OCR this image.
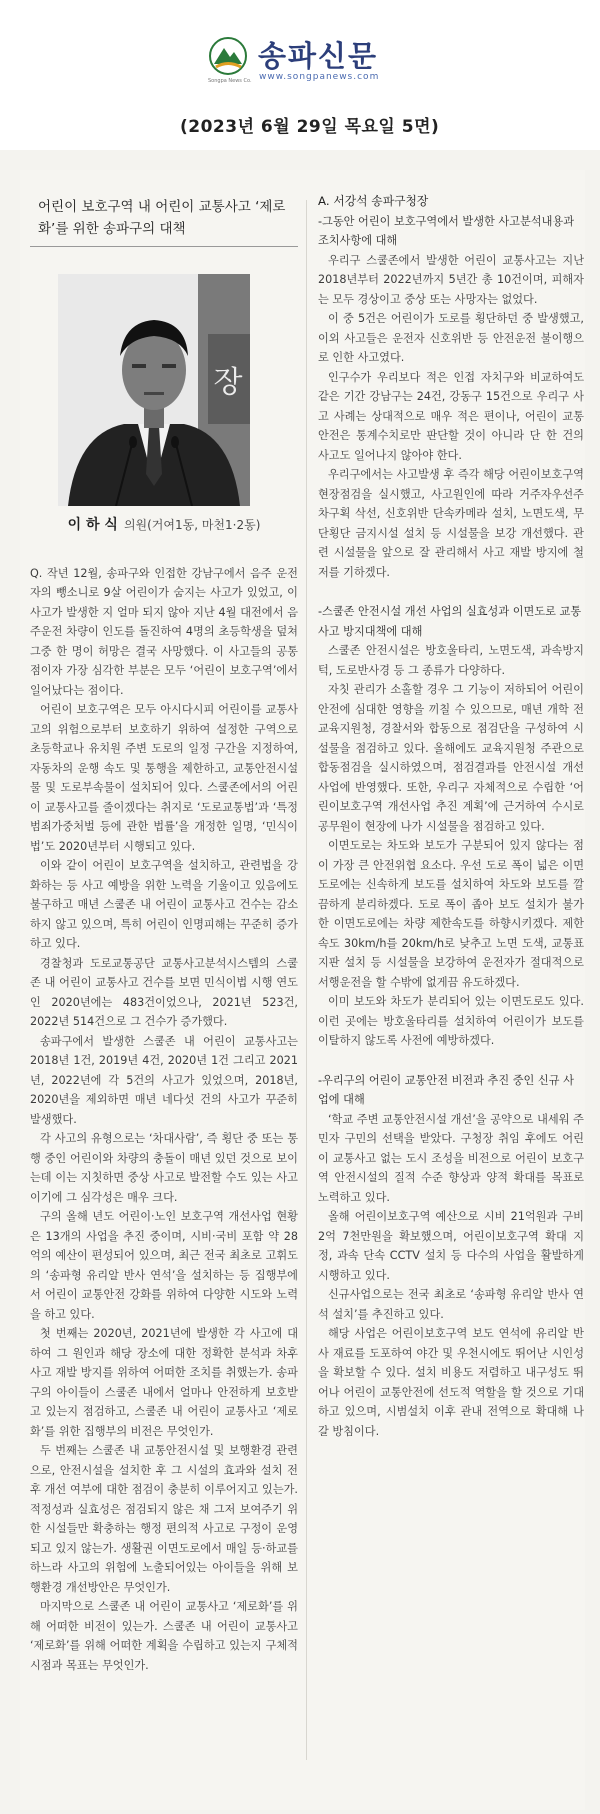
송파신문
www.songpanews.com
Songpa News Co.
(2023년 6월 29일 목요일 5면)
어린이 보호구역 내 어린이 교통사고 ‘제로화’를 위한 송파구의 대책
장
이 하 식 의원(거여1동, 마천1·2동)

Q. 작년 12월, 송파구와 인접한 강남구에서 음주 운전자의 뺑소니로 9살 어린이가 숨지는 사고가 있었고, 이 사고가 발생한 지 얼마 되지 않아 지난 4월 대전에서 음주운전 차량이 인도를 돌진하여 4명의 초등학생을 덮쳐 그중 한 명이 허망은 결국 사망했다. 이 사고들의 공통점이자 가장 심각한 부분은 모두 ‘어린이 보호구역’에서 일어났다는 점이다.

어린이 보호구역은 모두 아시다시피 어린이를 교통사고의 위험으로부터 보호하기 위하여 설정한 구역으로 초등학교나 유치원 주변 도로의 일정 구간을 지정하여, 자동차의 운행 속도 및 통행을 제한하고, 교통안전시설물 및 도로부속물이 설치되어 있다. 스쿨존에서의 어린이 교통사고를 줄이겠다는 취지로 ‘도로교통법’과 ‘특정범죄가중처벌 등에 관한 법률’을 개정한 일명, ‘민식이 법’도 2020년부터 시행되고 있다.

이와 같이 어린이 보호구역을 설치하고, 관련법을 강화하는 등 사고 예방을 위한 노력을 기울이고 있음에도 불구하고 매년 스쿨존 내 어린이 교통사고 건수는 감소하지 않고 있으며, 특히 어린이 인명피해는 꾸준히 증가하고 있다.

경찰청과 도로교통공단 교통사고분석시스템의 스쿨존 내 어린이 교통사고 건수를 보면 민식이법 시행 연도인 2020년에는 483건이었으나, 2021년 523건, 2022년 514건으로 그 건수가 증가했다.

송파구에서 발생한 스쿨존 내 어린이 교통사고는 2018년 1건, 2019년 4건, 2020년 1건 그리고 2021년, 2022년에 각 5건의 사고가 있었으며, 2018년, 2020년을 제외하면 매년 네다섯 건의 사고가 꾸준히 발생했다.

각 사고의 유형으로는 ‘차대사람’, 즉 횡단 중 또는 통행 중인 어린이와 차량의 충돌이 매년 있던 것으로 보이는데 이는 지칫하면 중상 사고로 발전할 수도 있는 사고이기에 그 심각성은 매우 크다.

구의 올해 년도 어린이·노인 보호구역 개선사업 현황은 13개의 사업을 추진 중이며, 시비·국비 포함 약 28억의 예산이 편성되어 있으며, 최근 전국 최초로 고휘도의 ‘송파형 유리알 반사 연석’을 설치하는 등 집행부에서 어린이 교통안전 강화를 위하여 다양한 시도와 노력을 하고 있다.

첫 번째는 2020년, 2021년에 발생한 각 사고에 대하여 그 원인과 해당 장소에 대한 정확한 분석과 차후 사고 재발 방지를 위하여 어떠한 조치를 취했는가. 송파구의 아이들이 스쿨존 내에서 얼마나 안전하게 보호받고 있는지 점검하고, 스쿨존 내 어린이 교통사고 ‘제로화’를 위한 집행부의 비전은 무엇인가.

두 번째는 스쿨존 내 교통안전시설 및 보행환경 관련으로, 안전시설을 설치한 후 그 시설의 효과와 설치 전후 개선 여부에 대한 점검이 충분히 이루어지고 있는가. 적정성과 실효성은 점검되지 않은 채 그저 보여주기 위한 시설들만 확충하는 행정 편의적 사고로 구정이 운영되고 있지 않는가. 생활권 이면도로에서 매일 등·하교를 하느라 사고의 위험에 노출되어있는 아이들을 위해 보행환경 개선방안은 무엇인가.

마지막으로 스쿨존 내 어린이 교통사고 ‘제로화’를 위해 어떠한 비전이 있는가. 스쿨존 내 어린이 교통사고 ‘제로화’를 위해 어떠한 계획을 수립하고 있는지 구체적 시점과 목표는 무엇인가.

A. 서강석 송파구청장
-그동안 어린이 보호구역에서 발생한 사고분석내용과 조치사항에 대해

우리구 스쿨존에서 발생한 어린이 교통사고는 지난 2018년부터 2022년까지 5년간 총 10건이며, 피해자는 모두 경상이고 중상 또는 사망자는 없었다.

이 중 5건은 어린이가 도로를 횡단하던 중 발생했고, 이외 사고들은 운전자 신호위반 등 안전운전 불이행으로 인한 사고였다.

인구수가 우리보다 적은 인접 자치구와 비교하여도 같은 기간 강남구는 24건, 강동구 15건으로 우리구 사고 사례는 상대적으로 매우 적은 편이나, 어린이 교통안전은 통계수치로만 판단할 것이 아니라 단 한 건의 사고도 일어나지 않아야 한다.

우리구에서는 사고발생 후 즉각 해당 어린이보호구역 현장점검을 실시했고, 사고원인에 따라 거주자우선주차구획 삭선, 신호위반 단속카메라 설치, 노면도색, 무단횡단 금지시설 설치 등 시설물을 보강 개선했다. 관련 시설물을 앞으로 잘 관리해서 사고 재발 방지에 철저를 기하겠다.

-스쿨존 안전시설 개선 사업의 실효성과 이면도로 교통사고 방지대책에 대해

스쿨존 안전시설은 방호울타리, 노면도색, 과속방지턱, 도로반사경 등 그 종류가 다양하다.

자칫 관리가 소홀할 경우 그 기능이 저하되어 어린이 안전에 심대한 영향을 끼칠 수 있으므로, 매년 개학 전 교육지원청, 경찰서와 합동으로 점검단을 구성하여 시설물을 점검하고 있다. 올해에도 교육지원청 주관으로 합동점검을 실시하였으며, 점검결과를 안전시설 개선사업에 반영했다. 또한, 우리구 자체적으로 수립한 ‘어린이보호구역 개선사업 추진 계획’에 근거하여 수시로 공무원이 현장에 나가 시설물을 점검하고 있다.

이면도로는 차도와 보도가 구분되어 있지 않다는 점이 가장 큰 안전위협 요소다. 우선 도로 폭이 넓은 이면도로에는 신속하게 보도를 설치하여 차도와 보도를 깔끔하게 분리하겠다. 도로 폭이 좁아 보도 설치가 불가한 이면도로에는 차량 제한속도를 하향시키겠다. 제한속도 30km/h를 20km/h로 낮추고 노면 도색, 교통표지판 설치 등 시설물을 보강하여 운전자가 절대적으로 서행운전을 할 수밖에 없게끔 유도하겠다.

이미 보도와 차도가 분리되어 있는 이면도로도 있다. 이런 곳에는 방호울타리를 설치하여 어린이가 보도를 이탈하지 않도록 사전에 예방하겠다.

-우리구의 어린이 교통안전 비전과 추진 중인 신규 사업에 대해

‘학교 주변 교통안전시설 개선’을 공약으로 내세워 주민자 구민의 선택을 받았다. 구청장 취임 후에도 어린이 교통사고 없는 도시 조성을 비전으로 어린이 보호구역 안전시설의 질적 수준 향상과 양적 확대를 목표로 노력하고 있다.

올해 어린이보호구역 예산으로 시비 21억원과 구비 2억 7천만원을 확보했으며, 어린이보호구역 확대 지정, 과속 단속 CCTV 설치 등 다수의 사업을 활발하게 시행하고 있다.

신규사업으로는 전국 최초로 ‘송파형 유리알 반사 연석 설치’를 추진하고 있다.

해당 사업은 어린이보호구역 보도 연석에 유리알 반사 재료를 도포하여 야간 및 우천시에도 뛰어난 시인성을 확보할 수 있다. 설치 비용도 저렴하고 내구성도 뛰어나 어린이 교통안전에 선도적 역할을 할 것으로 기대하고 있으며, 시범설치 이후 관내 전역으로 확대해 나갈 방침이다.
